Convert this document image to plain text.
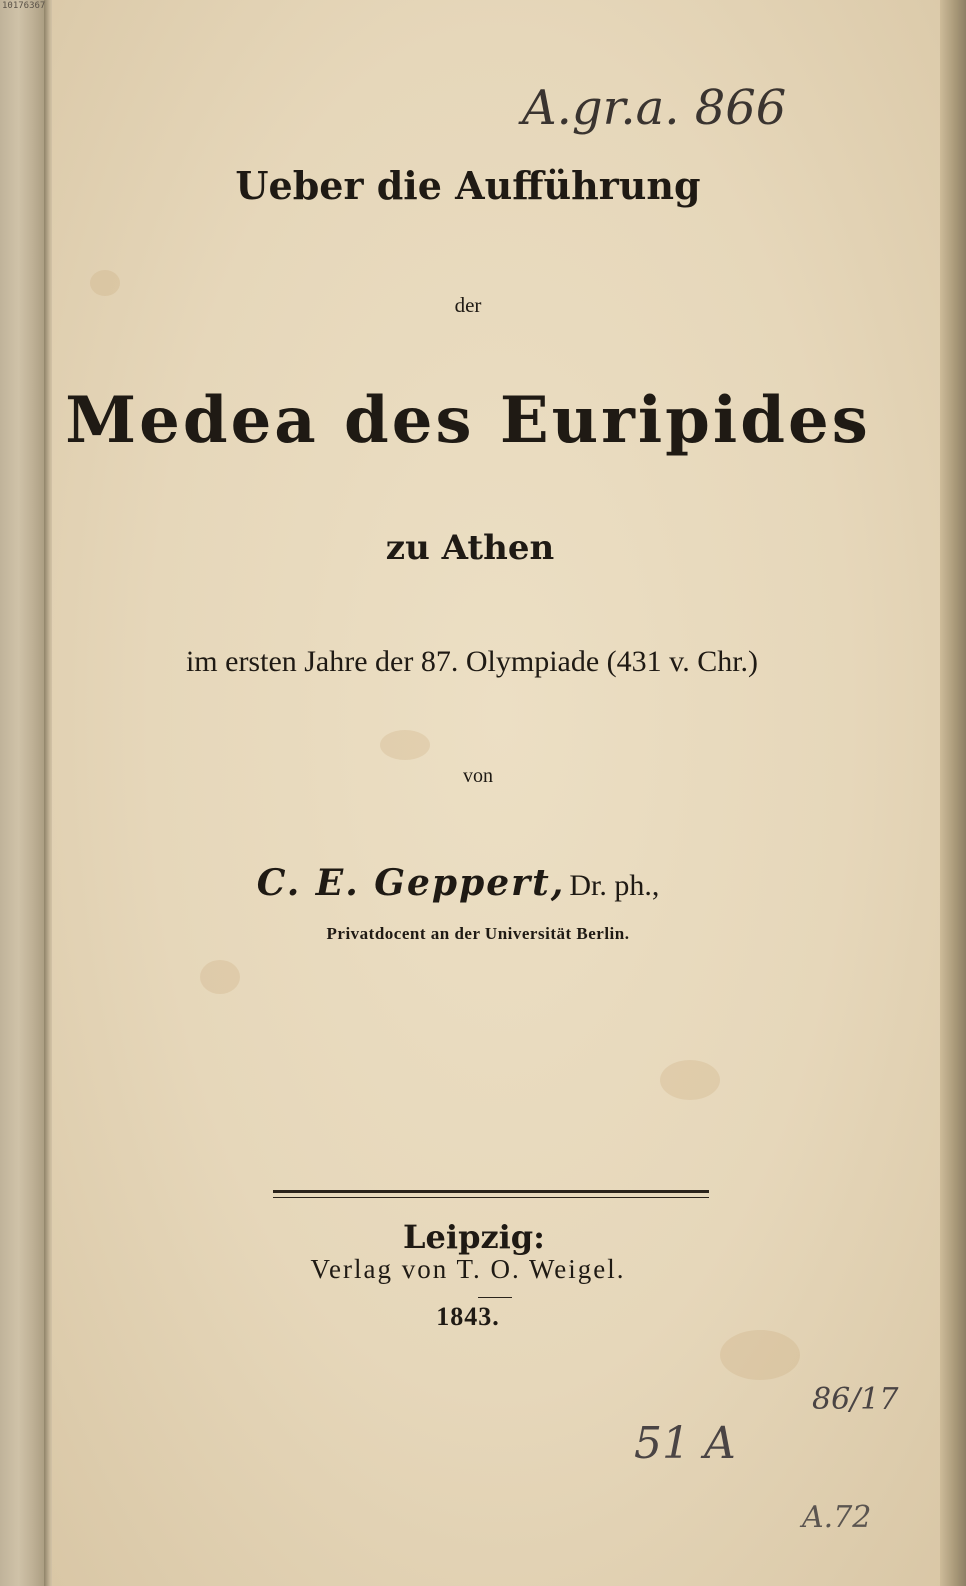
10176367
A.gr.a. 866
Ueber die Aufführung
der
Medea des Euripides
zu Athen
im ersten Jahre der 87. Olympiade (431 v. Chr.)
von
C. E. Geppert, Dr. ph.,
Privatdocent an der Universität Berlin.
Leipzig:
Verlag von T. O. Weigel.
1843.
51 A
86/17
A.72
